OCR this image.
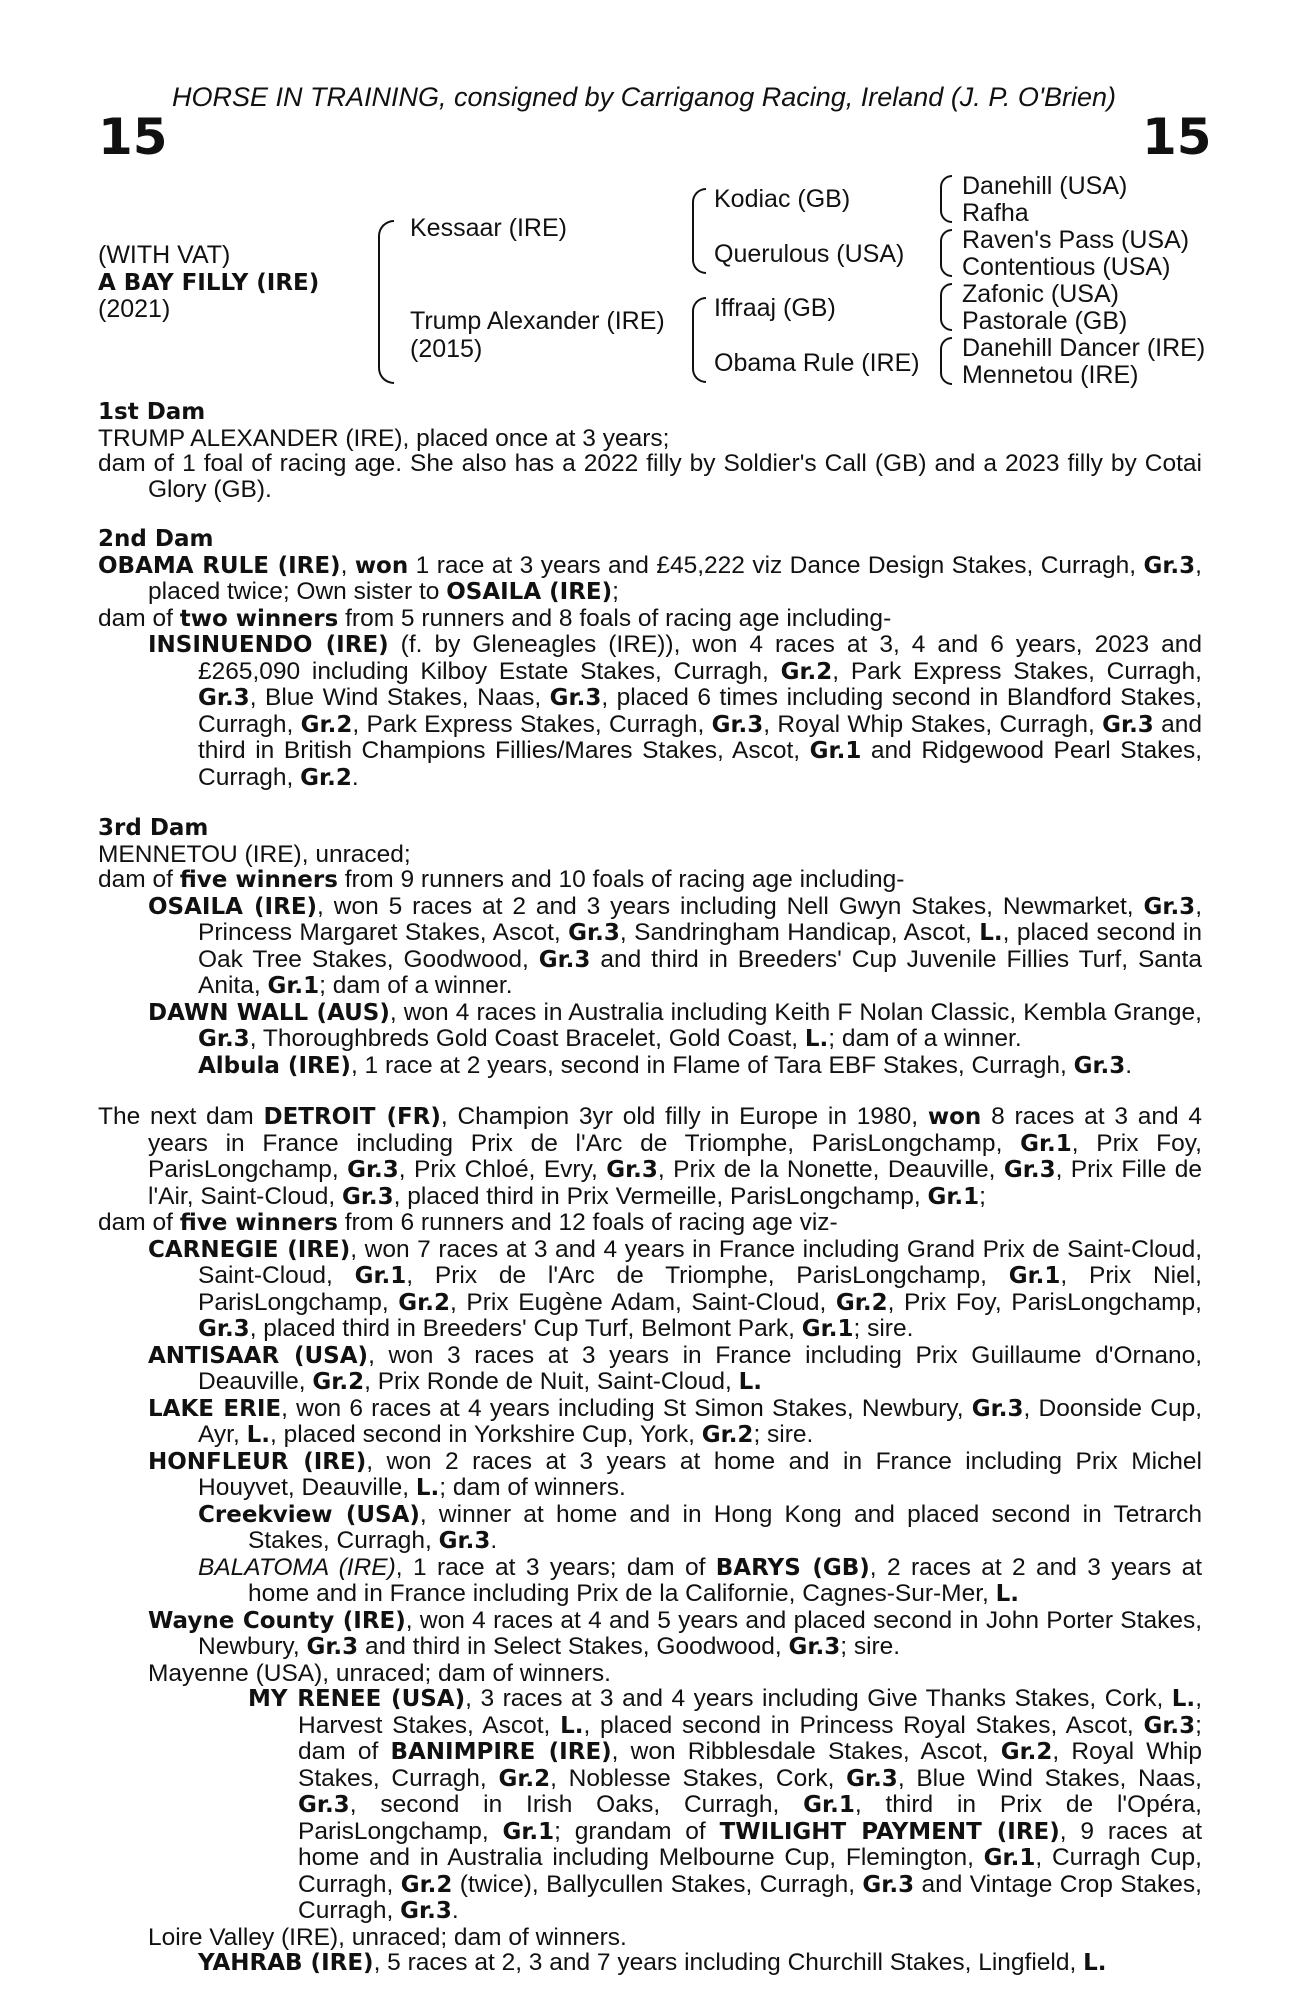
HORSE IN TRAINING, consigned by Carriganog Racing, Ireland (J. P. O'Brien)
15	15
(WITH VAT)
A BAY FILLY (IRE)
(2021)
Kessaar (IRE)
Trump Alexander (IRE)
(2015)
Kodiac (GB)
Querulous (USA)
Iffraaj (GB)
Obama Rule (IRE)
Danehill (USA)
Rafha
Raven's Pass (USA)
Contentious (USA)
Zafonic (USA)
Pastorale (GB)
Danehill Dancer (IRE)
Mennetou (IRE)
1st Dam
TRUMP ALEXANDER (IRE), placed once at 3 years;
dam of 1 foal of racing age. She also has a 2022 filly by Soldier's Call (GB) and a 2023 filly by Cotai Glory (GB).
2nd Dam
OBAMA RULE (IRE), won 1 race at 3 years and £45,222 viz Dance Design Stakes, Curragh, Gr.3, placed twice; Own sister to OSAILA (IRE);
dam of two winners from 5 runners and 8 foals of racing age including-
INSINUENDO (IRE) (f. by Gleneagles (IRE)), won 4 races at 3, 4 and 6 years, 2023 and £265,090 including Kilboy Estate Stakes, Curragh, Gr.2, Park Express Stakes, Curragh, Gr.3, Blue Wind Stakes, Naas, Gr.3, placed 6 times including second in Blandford Stakes, Curragh, Gr.2, Park Express Stakes, Curragh, Gr.3, Royal Whip Stakes, Curragh, Gr.3 and third in British Champions Fillies/Mares Stakes, Ascot, Gr.1 and Ridgewood Pearl Stakes, Curragh, Gr.2.
3rd Dam
MENNETOU (IRE), unraced;
dam of five winners from 9 runners and 10 foals of racing age including-
OSAILA (IRE), won 5 races at 2 and 3 years including Nell Gwyn Stakes, Newmarket, Gr.3, Princess Margaret Stakes, Ascot, Gr.3, Sandringham Handicap, Ascot, L., placed second in Oak Tree Stakes, Goodwood, Gr.3 and third in Breeders' Cup Juvenile Fillies Turf, Santa Anita, Gr.1; dam of a winner.
DAWN WALL (AUS), won 4 races in Australia including Keith F Nolan Classic, Kembla Grange, Gr.3, Thoroughbreds Gold Coast Bracelet, Gold Coast, L.; dam of a winner.
Albula (IRE), 1 race at 2 years, second in Flame of Tara EBF Stakes, Curragh, Gr.3.
The next dam DETROIT (FR), Champion 3yr old filly in Europe in 1980, won 8 races at 3 and 4 years in France including Prix de l'Arc de Triomphe, ParisLongchamp, Gr.1, Prix Foy, ParisLongchamp, Gr.3, Prix Chloé, Evry, Gr.3, Prix de la Nonette, Deauville, Gr.3, Prix Fille de l'Air, Saint-Cloud, Gr.3, placed third in Prix Vermeille, ParisLongchamp, Gr.1;
dam of five winners from 6 runners and 12 foals of racing age viz-
CARNEGIE (IRE), won 7 races at 3 and 4 years in France including Grand Prix de Saint-Cloud, Saint-Cloud, Gr.1, Prix de l'Arc de Triomphe, ParisLongchamp, Gr.1, Prix Niel, ParisLongchamp, Gr.2, Prix Eugène Adam, Saint-Cloud, Gr.2, Prix Foy, ParisLongchamp, Gr.3, placed third in Breeders' Cup Turf, Belmont Park, Gr.1; sire.
ANTISAAR (USA), won 3 races at 3 years in France including Prix Guillaume d'Ornano, Deauville, Gr.2, Prix Ronde de Nuit, Saint-Cloud, L.
LAKE ERIE, won 6 races at 4 years including St Simon Stakes, Newbury, Gr.3, Doonside Cup, Ayr, L., placed second in Yorkshire Cup, York, Gr.2; sire.
HONFLEUR (IRE), won 2 races at 3 years at home and in France including Prix Michel Houyvet, Deauville, L.; dam of winners.
Creekview (USA), winner at home and in Hong Kong and placed second in Tetrarch Stakes, Curragh, Gr.3.
BALATOMA (IRE), 1 race at 3 years; dam of BARYS (GB), 2 races at 2 and 3 years at home and in France including Prix de la Californie, Cagnes-Sur-Mer, L.
Wayne County (IRE), won 4 races at 4 and 5 years and placed second in John Porter Stakes, Newbury, Gr.3 and third in Select Stakes, Goodwood, Gr.3; sire.
Mayenne (USA), unraced; dam of winners.
MY RENEE (USA), 3 races at 3 and 4 years including Give Thanks Stakes, Cork, L., Harvest Stakes, Ascot, L., placed second in Princess Royal Stakes, Ascot, Gr.3; dam of BANIMPIRE (IRE), won Ribblesdale Stakes, Ascot, Gr.2, Royal Whip Stakes, Curragh, Gr.2, Noblesse Stakes, Cork, Gr.3, Blue Wind Stakes, Naas, Gr.3, second in Irish Oaks, Curragh, Gr.1, third in Prix de l'Opéra, ParisLongchamp, Gr.1; grandam of TWILIGHT PAYMENT (IRE), 9 races at home and in Australia including Melbourne Cup, Flemington, Gr.1, Curragh Cup, Curragh, Gr.2 (twice), Ballycullen Stakes, Curragh, Gr.3 and Vintage Crop Stakes, Curragh, Gr.3.
Loire Valley (IRE), unraced; dam of winners.
YAHRAB (IRE), 5 races at 2, 3 and 7 years including Churchill Stakes, Lingfield, L.
